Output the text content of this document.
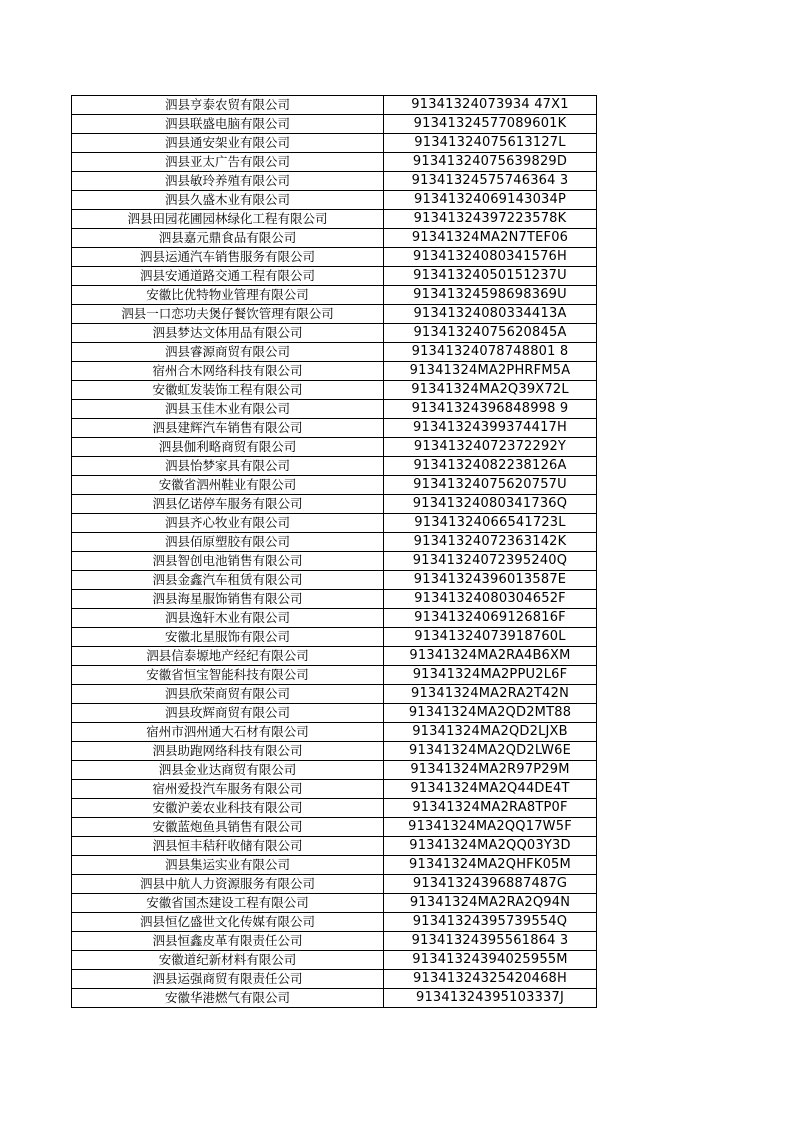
泗县亨泰农贸有限公司	91341324073934 47X1
泗县联盛电脑有限公司	91341324577089601K
泗县通安架业有限公司	91341324075613127L
泗县亚太广告有限公司	91341324075639829D
泗县敏玲养殖有限公司	91341324575746364 3
泗县久盛木业有限公司	91341324069143034P
泗县田园花圃园林绿化工程有限公司	91341324397223578K
泗县嘉元鼎食品有限公司	91341324MA2N7TEF06
泗县运通汽车销售服务有限公司	91341324080341576H
泗县安通道路交通工程有限公司	91341324050151237U
安徽比优特物业管理有限公司	91341324598698369U
泗县一口恋功夫煲仔餐饮管理有限公司	91341324080334413A
泗县梦达文体用品有限公司	91341324075620845A
泗县睿源商贸有限公司	91341324078748801 8
宿州合木网络科技有限公司	91341324MA2PHRFM5A
安徽虹发装饰工程有限公司	91341324MA2Q39X72L
泗县玉佳木业有限公司	91341324396848998 9
泗县建辉汽车销售有限公司	91341324399374417H
泗县伽利略商贸有限公司	91341324072372292Y
泗县怡梦家具有限公司	91341324082238126A
安徽省泗州鞋业有限公司	91341324075620757U
泗县亿诺停车服务有限公司	91341324080341736Q
泗县齐心牧业有限公司	91341324066541723L
泗县佰原塑胶有限公司	91341324072363142K
泗县智创电池销售有限公司	91341324072395240Q
泗县金鑫汽车租赁有限公司	91341324396013587E
泗县海星服饰销售有限公司	91341324080304652F
泗县逸轩木业有限公司	91341324069126816F
安徽北星服饰有限公司	91341324073918760L
泗县信泰塬地产经纪有限公司	91341324MA2RA4B6XM
安徽省恒宝智能科技有限公司	91341324MA2PPU2L6F
泗县欣荣商贸有限公司	91341324MA2RA2T42N
泗县玫辉商贸有限公司	91341324MA2QD2MT88
宿州市泗州通大石材有限公司	91341324MA2QD2LJXB
泗县助跑网络科技有限公司	91341324MA2QD2LW6E
泗县金业达商贸有限公司	91341324MA2R97P29M
宿州爱投汽车服务有限公司	91341324MA2Q44DE4T
安徽沪姜农业科技有限公司	91341324MA2RA8TP0F
安徽蓝炮鱼具销售有限公司	91341324MA2QQ17W5F
泗县恒丰秸秆收储有限公司	91341324MA2QQ03Y3D
泗县集运实业有限公司	91341324MA2QHFK05M
泗县中航人力资源服务有限公司	91341324396887487G
安徽省国杰建设工程有限公司	91341324MA2RA2Q94N
泗县恒亿盛世文化传媒有限公司	91341324395739554Q
泗县恒鑫皮革有限责任公司	91341324395561864 3
安徽道纪新材料有限公司	91341324394025955M
泗县运强商贸有限责任公司	91341324325420468H
安徽华港燃气有限公司	91341324395103337J
